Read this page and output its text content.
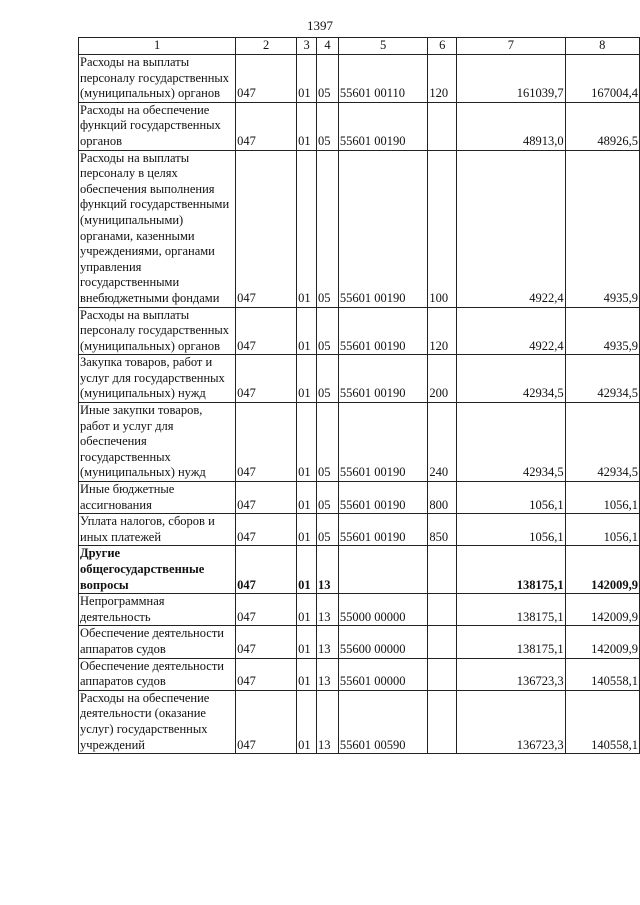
1397
1	2	3	4	5	6	7	8
Расходы на выплаты персоналу государственных (муниципальных) органов	047	01	05	55601 00110	120	161039,7	167004,4
Расходы на обеспечение функций государственных органов	047	01	05	55601 00190		48913,0	48926,5
Расходы на выплаты персоналу в целях обеспечения выполнения функций государственными (муниципальными) органами, казенными учреждениями, органами управления государственными внебюджетными фондами	047	01	05	55601 00190	100	4922,4	4935,9
Расходы на выплаты персоналу государственных (муниципальных) органов	047	01	05	55601 00190	120	4922,4	4935,9
Закупка товаров, работ и услуг для государственных (муниципальных) нужд	047	01	05	55601 00190	200	42934,5	42934,5
Иные закупки товаров, работ и услуг для обеспечения государственных (муниципальных) нужд	047	01	05	55601 00190	240	42934,5	42934,5
Иные бюджетные ассигнования	047	01	05	55601 00190	800	1056,1	1056,1
Уплата налогов, сборов и иных платежей	047	01	05	55601 00190	850	1056,1	1056,1
Другие общегосударственные вопросы	047	01	13			138175,1	142009,9
Непрограммная деятельность	047	01	13	55000 00000		138175,1	142009,9
Обеспечение деятельности аппаратов судов	047	01	13	55600 00000		138175,1	142009,9
Обеспечение деятельности аппаратов судов	047	01	13	55601 00000		136723,3	140558,1
Расходы на обеспечение деятельности (оказание услуг) государственных учреждений	047	01	13	55601 00590		136723,3	140558,1
